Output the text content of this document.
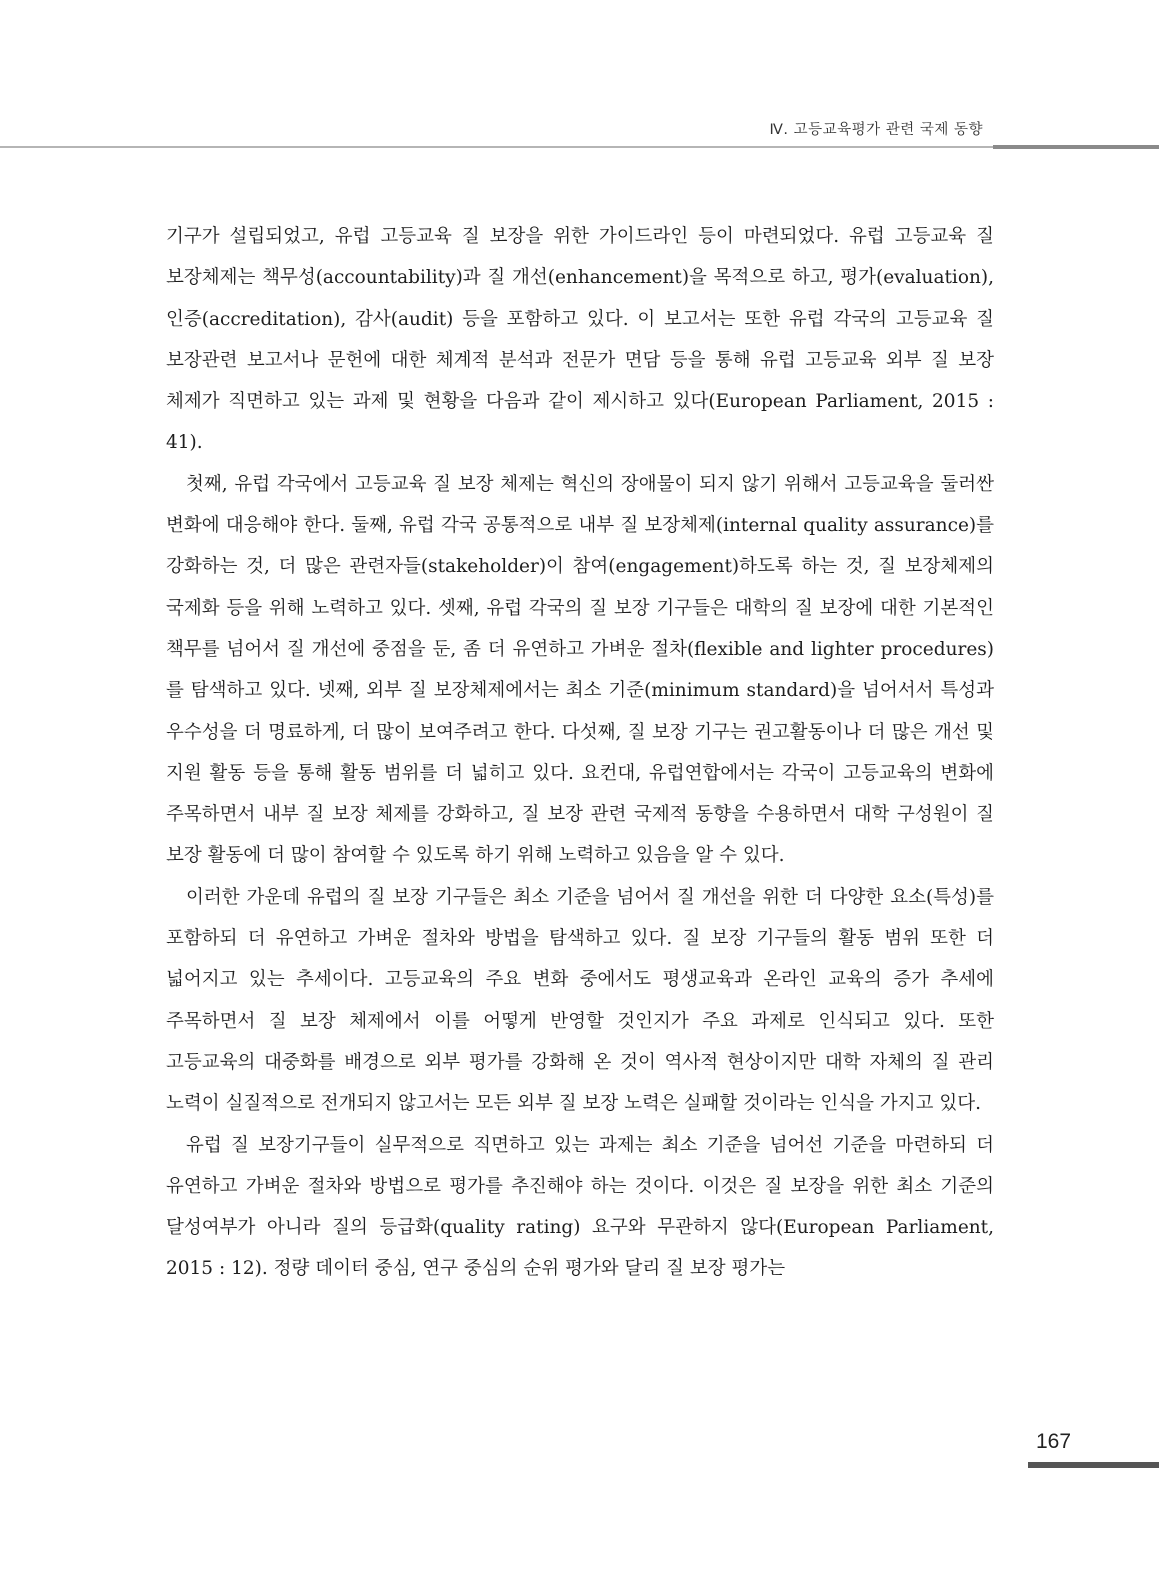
Ⅳ. 고등교육평가 관련 국제 동향

기구가 설립되었고, 유럽 고등교육 질 보장을 위한 가이드라인 등이 마련되었다. 유럽 고등교육 질 보장체제는 책무성(accountability)과 질 개선(enhancement)을 목적으로 하고, 평가(evaluation), 인증(accreditation), 감사(audit) 등을 포함하고 있다. 이 보고서는 또한 유럽 각국의 고등교육 질 보장관련 보고서나 문헌에 대한 체계적 분석과 전문가 면담 등을 통해 유럽 고등교육 외부 질 보장 체제가 직면하고 있는 과제 및 현황을 다음과 같이 제시하고 있다(European Parliament, 2015 : 41).

첫째, 유럽 각국에서 고등교육 질 보장 체제는 혁신의 장애물이 되지 않기 위해서 고등교육을 둘러싼 변화에 대응해야 한다. 둘째, 유럽 각국 공통적으로 내부 질 보장체제(internal quality assurance)를 강화하는 것, 더 많은 관련자들(stakeholder)이 참여(engagement)하도록 하는 것, 질 보장체제의 국제화 등을 위해 노력하고 있다. 셋째, 유럽 각국의 질 보장 기구들은 대학의 질 보장에 대한 기본적인 책무를 넘어서 질 개선에 중점을 둔, 좀 더 유연하고 가벼운 절차(flexible and lighter procedures)를 탐색하고 있다. 넷째, 외부 질 보장체제에서는 최소 기준(minimum standard)을 넘어서서 특성과 우수성을 더 명료하게, 더 많이 보여주려고 한다. 다섯째, 질 보장 기구는 권고활동이나 더 많은 개선 및 지원 활동 등을 통해 활동 범위를 더 넓히고 있다. 요컨대, 유럽연합에서는 각국이 고등교육의 변화에 주목하면서 내부 질 보장 체제를 강화하고, 질 보장 관련 국제적 동향을 수용하면서 대학 구성원이 질 보장 활동에 더 많이 참여할 수 있도록 하기 위해 노력하고 있음을 알 수 있다.

이러한 가운데 유럽의 질 보장 기구들은 최소 기준을 넘어서 질 개선을 위한 더 다양한 요소(특성)를 포함하되 더 유연하고 가벼운 절차와 방법을 탐색하고 있다. 질 보장 기구들의 활동 범위 또한 더 넓어지고 있는 추세이다. 고등교육의 주요 변화 중에서도 평생교육과 온라인 교육의 증가 추세에 주목하면서 질 보장 체제에서 이를 어떻게 반영할 것인지가 주요 과제로 인식되고 있다. 또한 고등교육의 대중화를 배경으로 외부 평가를 강화해 온 것이 역사적 현상이지만 대학 자체의 질 관리 노력이 실질적으로 전개되지 않고서는 모든 외부 질 보장 노력은 실패할 것이라는 인식을 가지고 있다.

유럽 질 보장기구들이 실무적으로 직면하고 있는 과제는 최소 기준을 넘어선 기준을 마련하되 더 유연하고 가벼운 절차와 방법으로 평가를 추진해야 하는 것이다. 이것은 질 보장을 위한 최소 기준의 달성여부가 아니라 질의 등급화(quality rating) 요구와 무관하지 않다(European Parliament, 2015 : 12). 정량 데이터 중심, 연구 중심의 순위 평가와 달리 질 보장 평가는

167
